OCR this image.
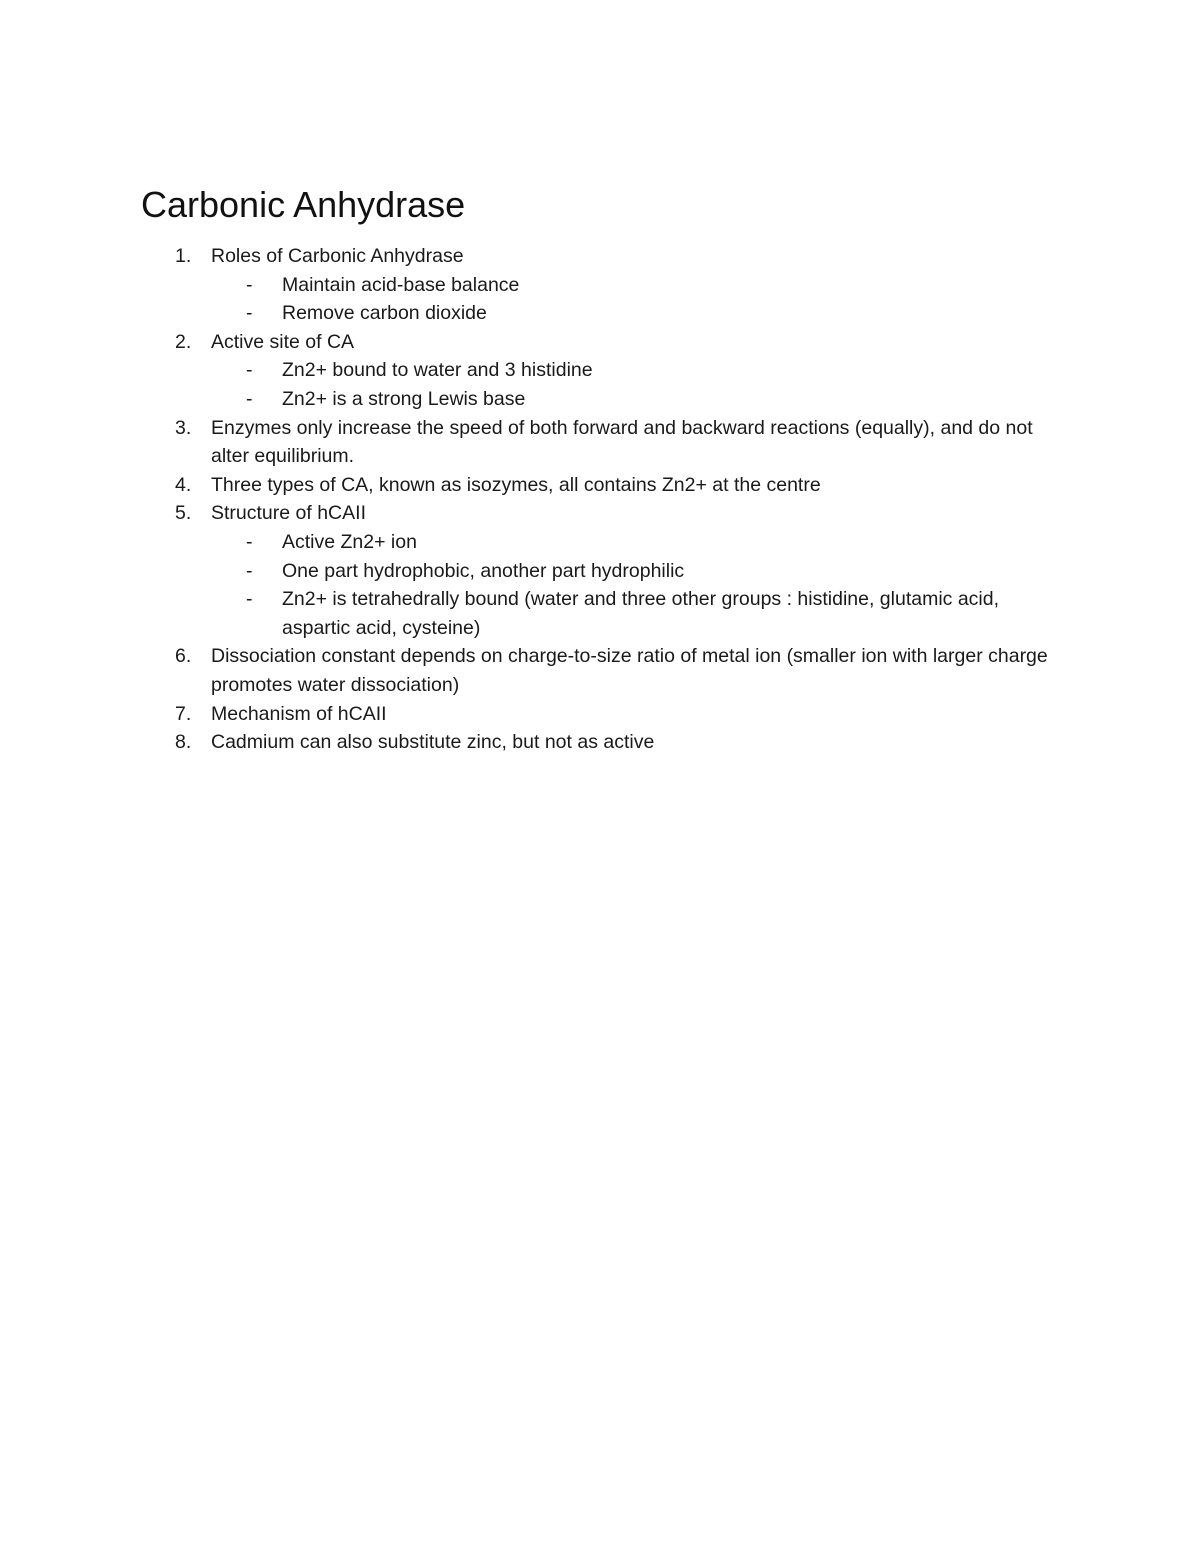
Carbonic Anhydrase
1. Roles of Carbonic Anhydrase
- Maintain acid-base balance
- Remove carbon dioxide
2. Active site of CA
- Zn2+ bound to water and 3 histidine
- Zn2+ is a strong Lewis base
3. Enzymes only increase the speed of both forward and backward reactions (equally), and do not alter equilibrium.
4. Three types of CA, known as isozymes, all contains Zn2+ at the centre
5. Structure of hCAII
- Active Zn2+ ion
- One part hydrophobic, another part hydrophilic
- Zn2+ is tetrahedrally bound (water and three other groups : histidine, glutamic acid, aspartic acid, cysteine)
6. Dissociation constant depends on charge-to-size ratio of metal ion (smaller ion with larger charge promotes water dissociation)
7. Mechanism of hCAII
8. Cadmium can also substitute zinc, but not as active
